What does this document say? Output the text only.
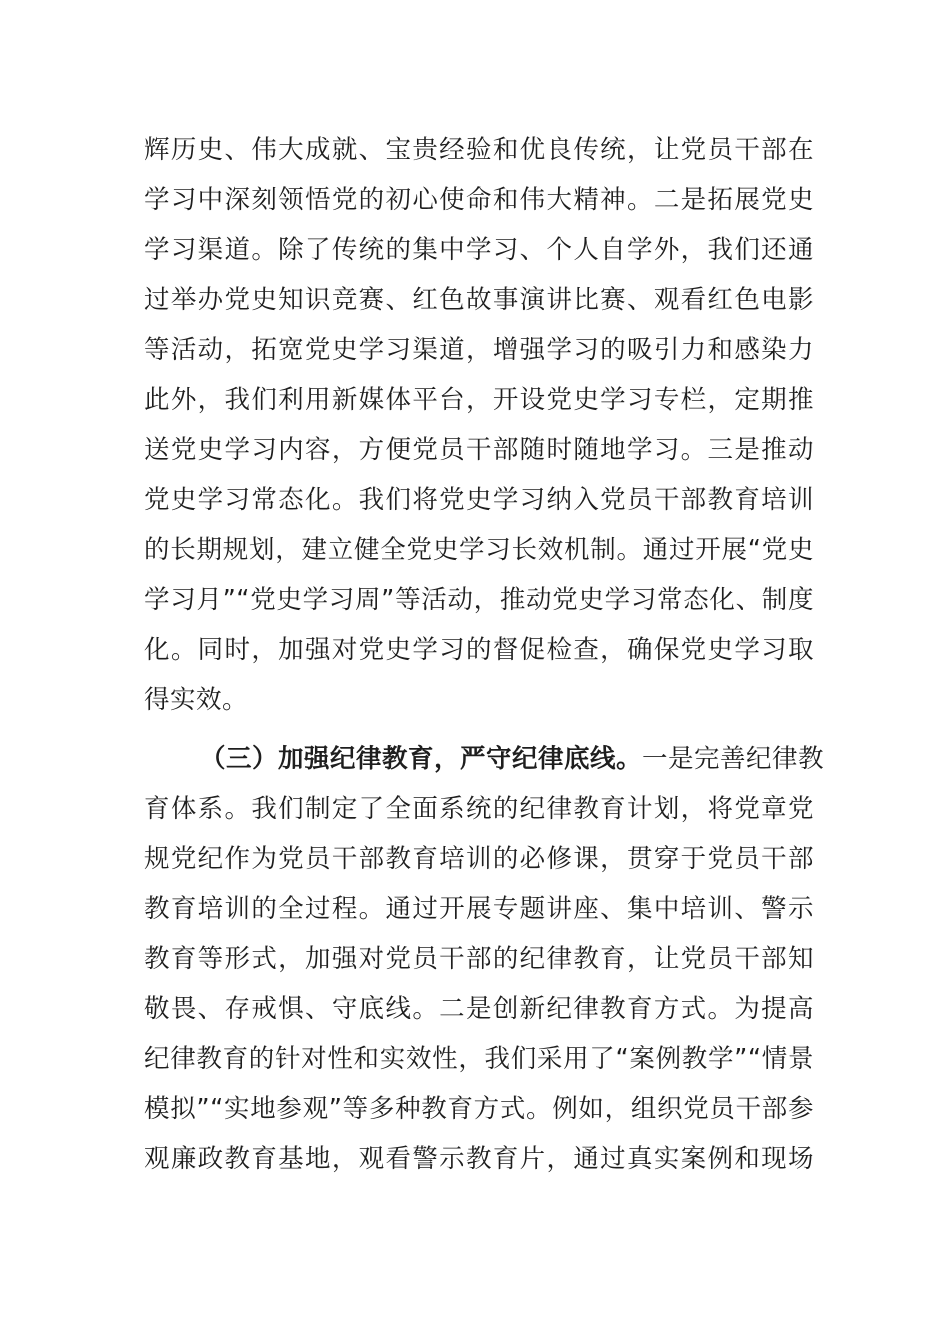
辉历史、伟大成就、宝贵经验和优良传统，让党员干部在
学习中深刻领悟党的初心使命和伟大精神。二是拓展党史
学习渠道。除了传统的集中学习、个人自学外，我们还通
过举办党史知识竞赛、红色故事演讲比赛、观看红色电影
等活动，拓宽党史学习渠道，增强学习的吸引力和感染力
此外，我们利用新媒体平台，开设党史学习专栏，定期推
送党史学习内容，方便党员干部随时随地学习。三是推动
党史学习常态化。我们将党史学习纳入党员干部教育培训
的长期规划，建立健全党史学习长效机制。通过开展“党史
学习月”“党史学习周”等活动，推动党史学习常态化、制度
化。同时，加强对党史学习的督促检查，确保党史学习取
得实效。
（三）加强纪律教育，严守纪律底线。一是完善纪律教
育体系。我们制定了全面系统的纪律教育计划，将党章党
规党纪作为党员干部教育培训的必修课，贯穿于党员干部
教育培训的全过程。通过开展专题讲座、集中培训、警示
教育等形式，加强对党员干部的纪律教育，让党员干部知
敬畏、存戒惧、守底线。二是创新纪律教育方式。为提高
纪律教育的针对性和实效性，我们采用了“案例教学”“情景
模拟”“实地参观”等多种教育方式。例如，组织党员干部参
观廉政教育基地，观看警示教育片，通过真实案例和现场
